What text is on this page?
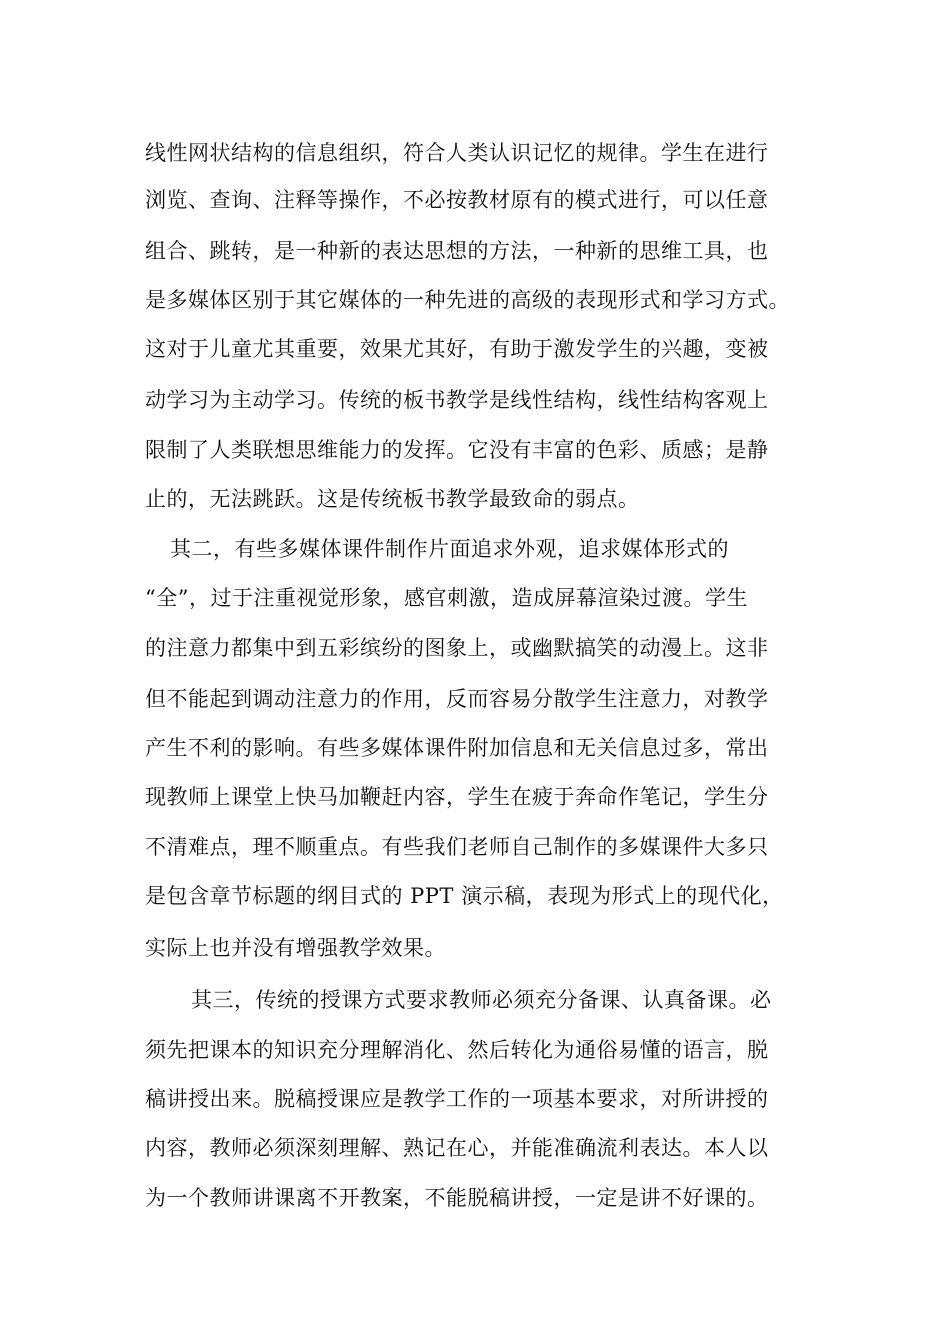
线性网状结构的信息组织，符合人类认识记忆的规律。学生在进行
浏览、查询、注释等操作，不必按教材原有的模式进行，可以任意
组合、跳转，是一种新的表达思想的方法，一种新的思维工具，也
是多媒体区别于其它媒体的一种先进的高级的表现形式和学习方式。
这对于儿童尤其重要，效果尤其好，有助于激发学生的兴趣，变被
动学习为主动学习。传统的板书教学是线性结构，线性结构客观上
限制了人类联想思维能力的发挥。它没有丰富的色彩、质感；是静
止的，无法跳跃。这是传统板书教学最致命的弱点。
其二，有些多媒体课件制作片面追求外观，追求媒体形式的
“全”，过于注重视觉形象，感官刺激，造成屏幕渲染过渡。学生
的注意力都集中到五彩缤纷的图象上，或幽默搞笑的动漫上。这非
但不能起到调动注意力的作用，反而容易分散学生注意力，对教学
产生不利的影响。有些多媒体课件附加信息和无关信息过多，常出
现教师上课堂上快马加鞭赶内容，学生在疲于奔命作笔记，学生分
不清难点，理不顺重点。有些我们老师自己制作的多媒课件大多只
是包含章节标题的纲目式的 PPT 演示稿，表现为形式上的现代化，
实际上也并没有增强教学效果。
其三，传统的授课方式要求教师必须充分备课、认真备课。必
须先把课本的知识充分理解消化、然后转化为通俗易懂的语言，脱
稿讲授出来。脱稿授课应是教学工作的一项基本要求，对所讲授的
内容，教师必须深刻理解、熟记在心，并能准确流利表达。本人以
为一个教师讲课离不开教案，不能脱稿讲授，一定是讲不好课的。
